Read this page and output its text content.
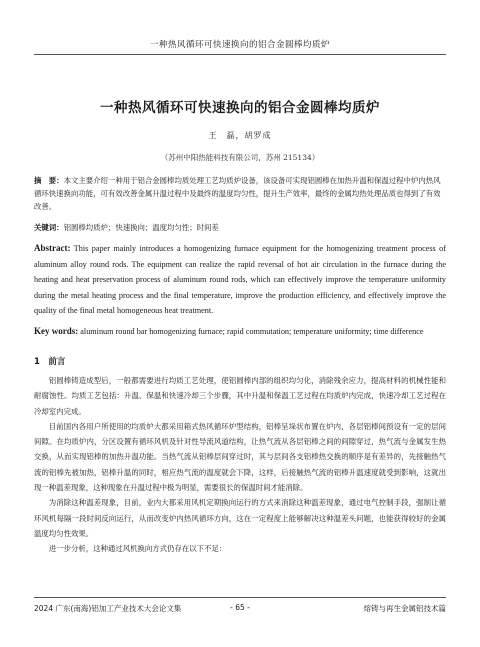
一种热风循环可快速换向的铝合金圆棒均质炉
一种热风循环可快速换向的铝合金圆棒均质炉
王　磊，胡罗成
（苏州中阳热能科技有限公司，苏州 215134）
摘　要：本文主要介绍一种用于铝合金圆棒均质处理工艺均质炉设备，该设备可实现铝圆棒在加热升温和保温过程中炉内热风循环快速换向功能，可有效改善金属升温过程中及最终的温度均匀性，提升生产效率，最终的金属均热处理品质也得到了有效改善。
关键词：铝圆棒均质炉；快速换向；温度均匀性；时间差
Abstract: This paper mainly introduces a homogenizing furnace equipment for the homogenizing treatment process of aluminum alloy round rods. The equipment can realize the rapid reversal of hot air circulation in the furnace during the heating and heat preservation process of aluminum round rods, which can effectively improve the temperature uniformity during the metal heating process and the final temperature, improve the production efficiency, and effectively improve the quality of the final metal homogeneous heat treatment.
Key words: aluminum round bar homogenizing furnace; rapid commutation; temperature uniformity; time difference
1　前言

铝圆棒铸造成型后，一般都需要进行均质工艺处理，使铝圆棒内部的组织均匀化，消除残余应力，提高材料的机械性能和耐腐蚀性。均质工艺包括：升温、保温和快速冷却三个步骤，其中升温和保温工艺过程在均质炉内完成，快速冷却工艺过程在冷却室内完成。

目前国内各用户所使用的均质炉大都采用箱式热风循环炉型结构，铝棒呈垛状布置在炉内，各层铝棒间预设有一定的层间间隙。在均质炉内，分区设置有循环风机及针对性导流风道结构，让热气流从各层铝棒之间的间隙穿过，热气流与金属发生热交换，从而实现铝棒的加热升温功能。当热气流从铝棒层间穿过时，其与层间各支铝棒热交换的顺序是有差异的，先接触热气流的铝棒先被加热，铝棒升温的同时，相应热气流的温度就会下降，这样，后接触热气流的铝棒升温速度就受到影响，这就出现一种温差现象，这种现象在升温过程中极为明显，需要很长的保温时间才能消除。

为消除这种温差现象，目前，业内大都采用风机定期换向运行的方式来消除这种温差现象，通过电气控制手段，强制让循环风机每隔一段时间反向运行，从而改变炉内热风循环方向，这在一定程度上能够解决这种温差头问题，也能获得较好的金属温度均匀性效果。

进一步分析，这种通过风机换向方式仍存在以下不足：

2024 广东(南海)铝加工产业技术大会论文集	- 65 -	熔铸与再生金属铝技术篇
